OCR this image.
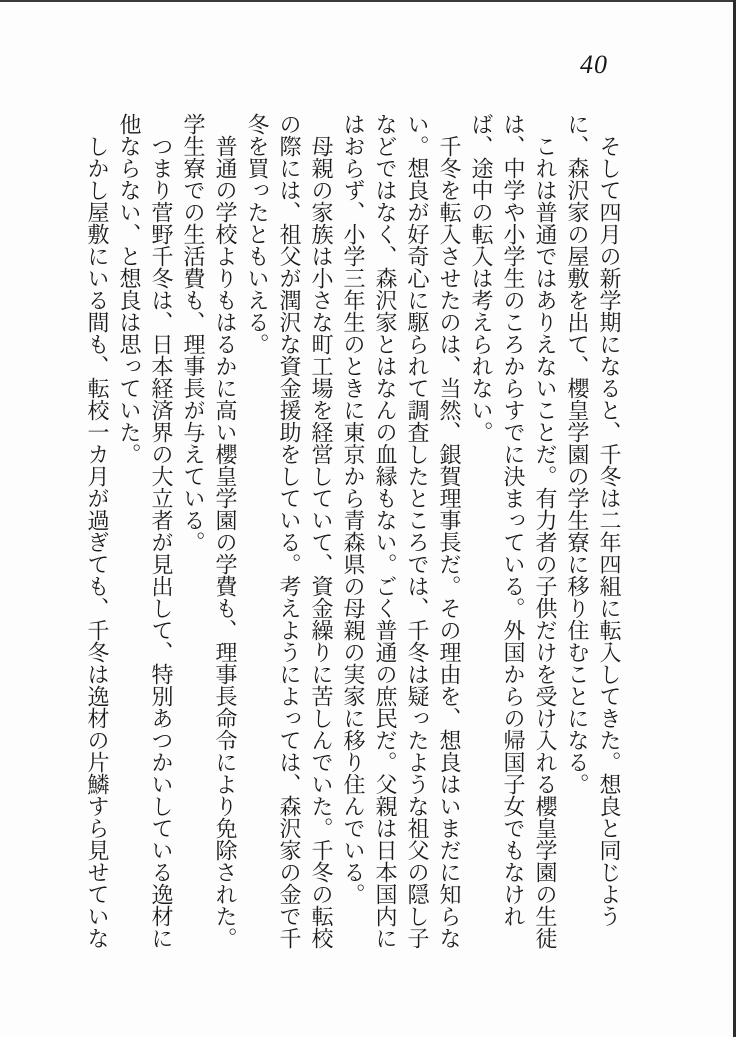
40

そして四月の新学期になると、千冬は二年四組に転入してきた。想良と同じように、森沢家の屋敷を出て、櫻皇学園の学生寮に移り住むことになる。

これは普通ではありえないことだ。有力者の子供だけを受け入れる櫻皇学園の生徒は、中学や小学生のころからすでに決まっている。外国からの帰国子女でもなければ、途中の転入は考えられない。

千冬を転入させたのは、当然、銀賀理事長だ。その理由を、想良はいまだに知らない。想良が好奇心に駆られて調査したところでは、千冬は疑ったような祖父の隠し子などではなく、森沢家とはなんの血縁もない。ごく普通の庶民だ。父親は日本国内にはおらず、小学三年生のときに東京から青森県の母親の実家に移り住んでいる。

母親の家族は小さな町工場を経営していて、資金繰りに苦しんでいた。千冬の転校の際には、祖父が潤沢な資金援助をしている。考えようによっては、森沢家の金で千冬を買ったともいえる。

普通の学校よりもはるかに高い櫻皇学園の学費も、理事長命令により免除された。学生寮での生活費も、理事長が与えている。

つまり菅野千冬は、日本経済界の大立者が見出して、特別あつかいしている逸材に他ならない、と想良は思っていた。

しかし屋敷にいる間も、転校一カ月が過ぎても、千冬は逸材の片鱗すら見せていな
